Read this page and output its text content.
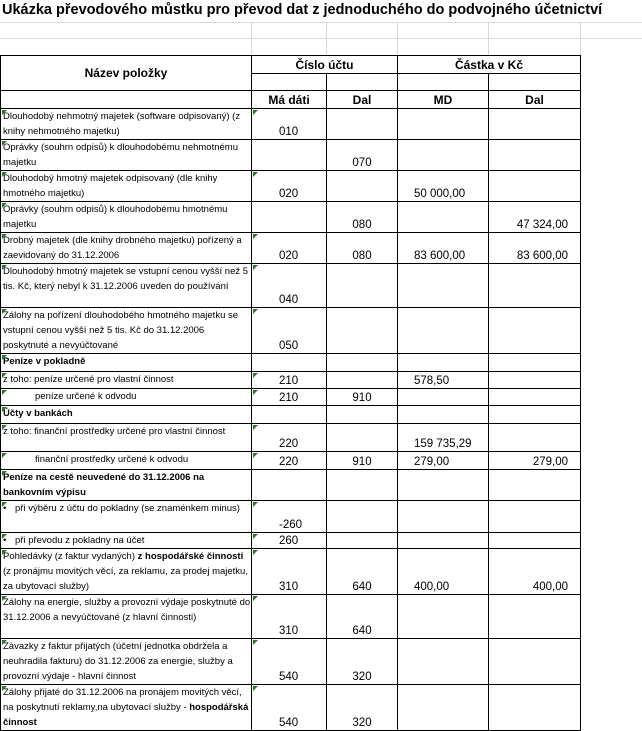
Ukázka převodového můstku pro převod dat z jednoduchého do podvojného účetnictví
Název položky	Číslo účtu		Částka v Kč	

	Má dáti	Dal	MD	Dal
Dlouhodobý nehmotný majetek (software odpisovaný) (z knihy nehmotného majetku)	010			
Oprávky (souhrn odpisů) k dlouhodobému nehmotnému majetku		070		
Dlouhodobý hmotný majetek odpisovaný (dle knihy hmotného majetku)	020		50 000,00	
Oprávky (souhrn odpisů) k dlouhodobému hmotnému majetku		080		47 324,00
Drobný majetek (dle knihy drobného majetku) pořízený a zaevidovaný do 31.12.2006	020	080	83 600,00	83 600,00
Dlouhodobý hmotný majetek se vstupní cenou vyšší než 5 tis. Kč, který nebyl k 31.12.2006 uveden do používání	040			
Zálohy na pořízení dlouhodobého hmotného majetku se vstupní cenou vyšší než 5 tis. Kč do 31.12.2006 poskytnuté a nevyúčtované	050			
Peníze v pokladně				
z toho: peníze určené pro vlastní činnost	210		578,50	
peníze určené k odvodu	210	910		
Účty v bankách				
z toho: finanční prostředky určené pro vlastní činnost	220		159 735,29	
finanční prostředky určené k odvodu	220	910	279,00	279,00
Peníze na cestě neuvedené do 31.12.2006 na bankovním výpisu				
• při výběru z účtu do pokladny (se znaménkem minus)	-260			
• při převodu z pokladny na účet	260			
Pohledávky (z faktur vydaných) z hospodářské činnosti (z pronájmu movitých věcí, za reklamu, za prodej majetku, za ubytovací služby)	310	640	400,00	400,00
Zálohy na energie, služby a provozní výdaje poskytnuté do 31.12.2006 a nevyúčtované (z hlavní činnosti)	310	640		
Závazky z faktur přijatých (účetní jednotka obdržela a neuhradila fakturu) do 31.12.2006 za energie, služby a provozní výdaje - hlavní činnost	540	320		
Zálohy přijaté do 31.12.2006 na pronájem movitých věcí, na poskytnutí reklamy,na ubytovací služby - hospodářská činnost	540	320		
